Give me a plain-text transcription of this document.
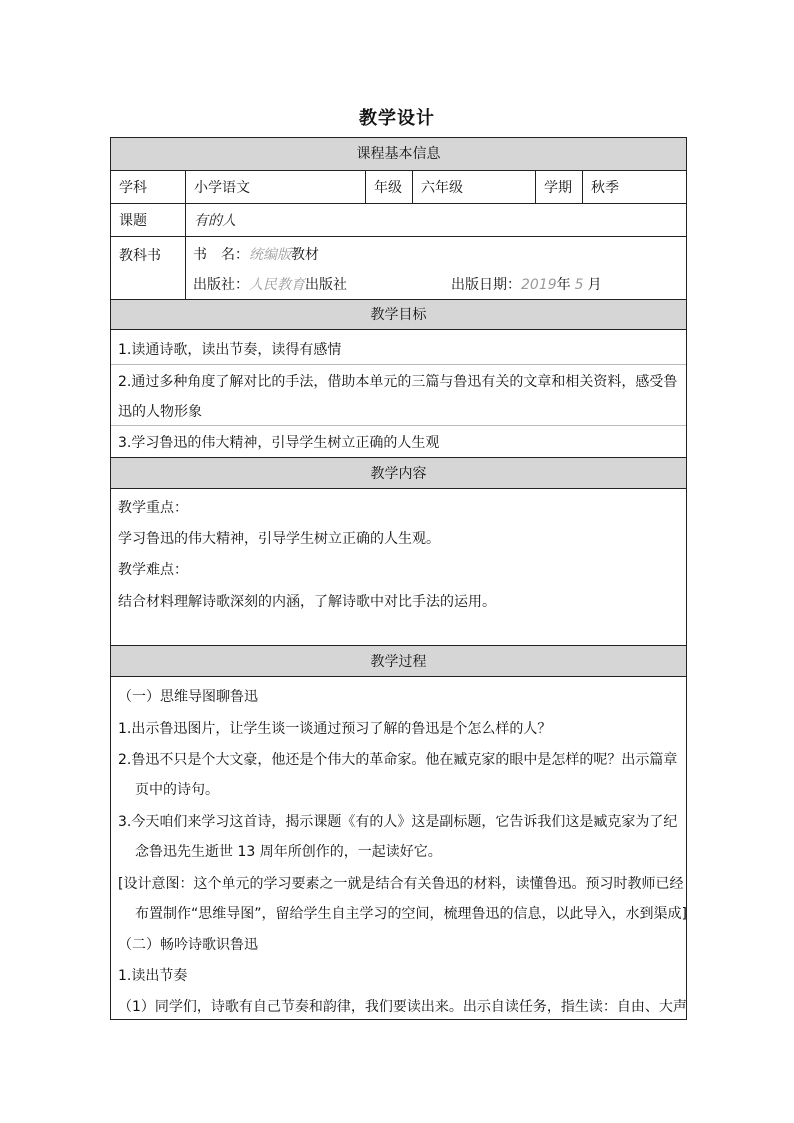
教学设计
课程基本信息
学科	小学语文	年级	六年级	学期	秋季
课题	有的人
教科书	书　名：统编版教材
出版社：人民教育出版社	出版日期：2019年 5 月
教学目标
1.读通诗歌，读出节奏，读得有感情
2.通过多种角度了解对比的手法，借助本单元的三篇与鲁迅有关的文章和相关资料，感受鲁
迅的人物形象
3.学习鲁迅的伟大精神，引导学生树立正确的人生观
教学内容
教学重点：
学习鲁迅的伟大精神，引导学生树立正确的人生观。
教学难点：
结合材料理解诗歌深刻的内涵，了解诗歌中对比手法的运用。
教学过程
（一）思维导图聊鲁迅
1.出示鲁迅图片，让学生谈一谈通过预习了解的鲁迅是个怎么样的人？
2.鲁迅不只是个大文豪，他还是个伟大的革命家。他在臧克家的眼中是怎样的呢？出示篇章
页中的诗句。
3.今天咱们来学习这首诗，揭示课题《有的人》这是副标题，它告诉我们这是臧克家为了纪
念鲁迅先生逝世 13 周年所创作的，一起读好它。
[设计意图：这个单元的学习要素之一就是结合有关鲁迅的材料，读懂鲁迅。预习时教师已经
布置制作“思维导图”，留给学生自主学习的空间，梳理鲁迅的信息，以此导入，水到渠成]
（二）畅吟诗歌识鲁迅
1.读出节奏
（1）同学们，诗歌有自己节奏和韵律，我们要读出来。出示自读任务，指生读：自由、大声
